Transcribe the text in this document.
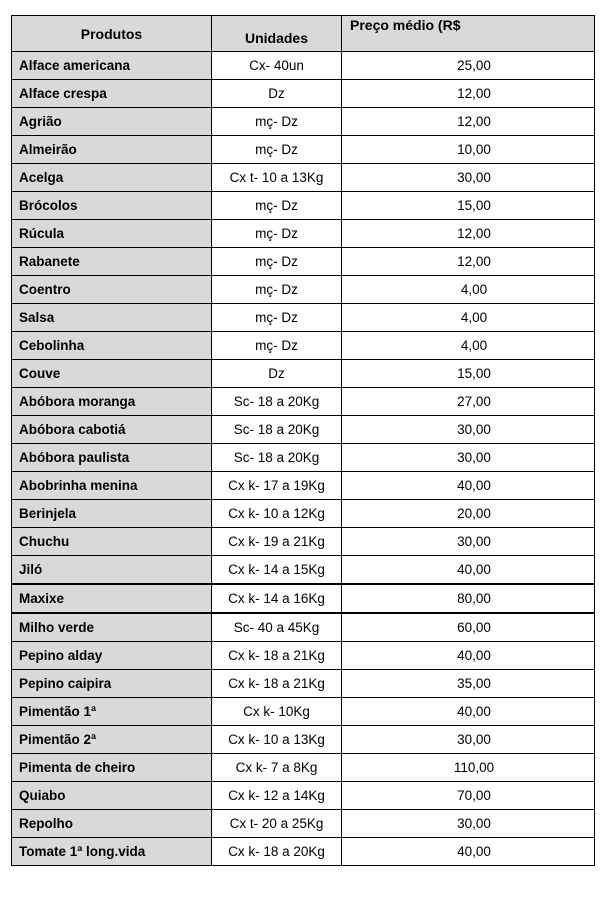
Produtos	Unidades	Preço médio (R$
Alface americana	Cx- 40un	25,00
Alface crespa	Dz	12,00
Agrião	mç- Dz	12,00
Almeirão	mç- Dz	10,00
Acelga	Cx t- 10 a 13Kg	30,00
Brócolos	mç- Dz	15,00
Rúcula	mç- Dz	12,00
Rabanete	mç- Dz	12,00
Coentro	mç- Dz	4,00
Salsa	mç- Dz	4,00
Cebolinha	mç- Dz	4,00
Couve	Dz	15,00
Abóbora moranga	Sc- 18 a 20Kg	27,00
Abóbora cabotiá	Sc- 18 a 20Kg	30,00
Abóbora paulista	Sc- 18 a 20Kg	30,00
Abobrinha menina	Cx k- 17 a 19Kg	40,00
Berinjela	Cx k- 10 a 12Kg	20,00
Chuchu	Cx k- 19 a 21Kg	30,00
Jiló	Cx k- 14 a 15Kg	40,00
Maxixe	Cx k- 14 a 16Kg	80,00
Milho verde	Sc- 40 a 45Kg	60,00
Pepino alday	Cx k- 18 a 21Kg	40,00
Pepino caipira	Cx k- 18 a 21Kg	35,00
Pimentão 1ª	Cx k- 10Kg	40,00
Pimentão 2ª	Cx k- 10 a 13Kg	30,00
Pimenta de cheiro	Cx k- 7 a 8Kg	110,00
Quiabo	Cx k- 12 a 14Kg	70,00
Repolho	Cx t- 20 a 25Kg	30,00
Tomate 1ª long.vida	Cx k- 18 a 20Kg	40,00
